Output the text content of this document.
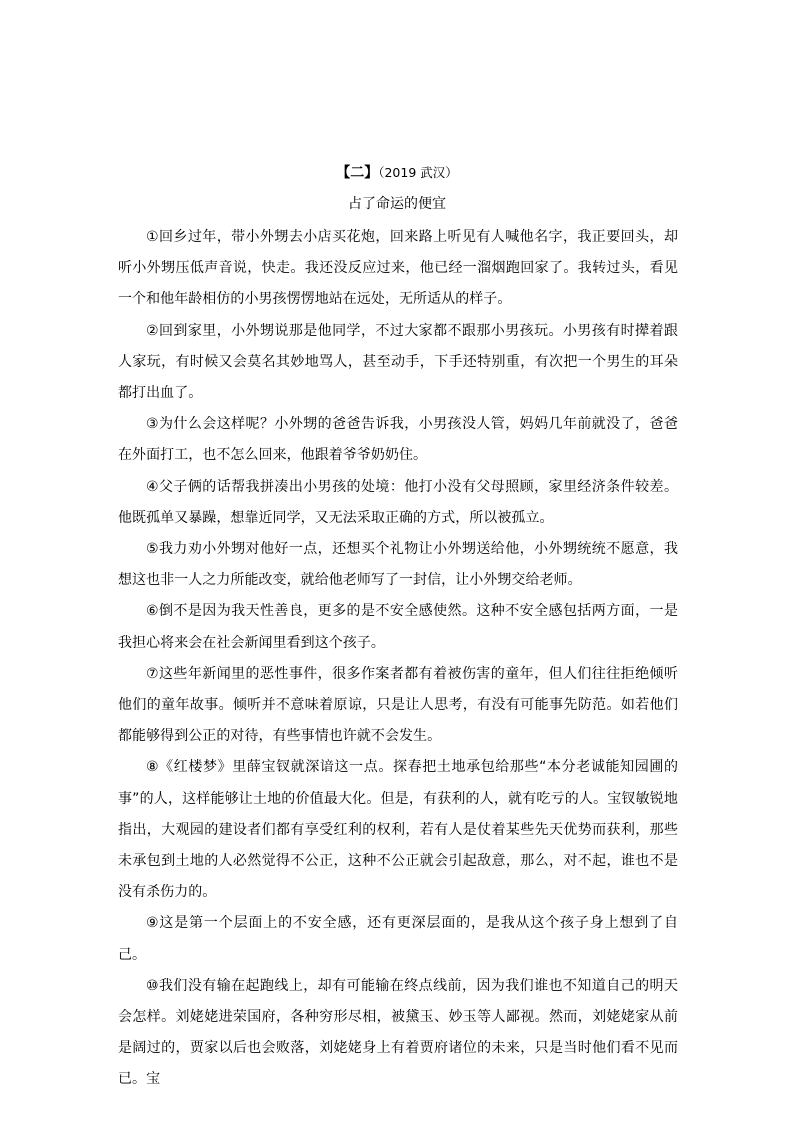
【二】（2019 武汉）
占了命运的便宜

①回乡过年，带小外甥去小店买花炮，回来路上听见有人喊他名字，我正要回头，却听小外甥压低声音说，快走。我还没反应过来，他已经一溜烟跑回家了。我转过头，看见一个和他年龄相仿的小男孩愣愣地站在远处，无所适从的样子。

②回到家里，小外甥说那是他同学，不过大家都不跟那小男孩玩。小男孩有时撵着跟人家玩，有时候又会莫名其妙地骂人，甚至动手，下手还特别重，有次把一个男生的耳朵都打出血了。

③为什么会这样呢？小外甥的爸爸告诉我，小男孩没人管，妈妈几年前就没了，爸爸在外面打工，也不怎么回来，他跟着爷爷奶奶住。

④父子俩的话帮我拼凑出小男孩的处境：他打小没有父母照顾，家里经济条件较差。他既孤单又暴躁，想靠近同学，又无法采取正确的方式，所以被孤立。

⑤我力劝小外甥对他好一点，还想买个礼物让小外甥送给他，小外甥统统不愿意，我想这也非一人之力所能改变，就给他老师写了一封信，让小外甥交给老师。

⑥倒不是因为我天性善良，更多的是不安全感使然。这种不安全感包括两方面，一是我担心将来会在社会新闻里看到这个孩子。

⑦这些年新闻里的恶性事件，很多作案者都有着被伤害的童年，但人们往往拒绝倾听他们的童年故事。倾听并不意味着原谅，只是让人思考，有没有可能事先防范。如若他们都能够得到公正的对待，有些事情也许就不会发生。

⑧《红楼梦》里薛宝钗就深谙这一点。探春把土地承包给那些“本分老诚能知园圃的事”的人，这样能够让土地的价值最大化。但是，有获利的人，就有吃亏的人。宝钗敏锐地指出，大观园的建设者们都有享受红利的权利，若有人是仗着某些先天优势而获利，那些未承包到土地的人必然觉得不公正，这种不公正就会引起敌意，那么，对不起，谁也不是没有杀伤力的。

⑨这是第一个层面上的不安全感，还有更深层面的，是我从这个孩子身上想到了自己。

⑩我们没有输在起跑线上，却有可能输在终点线前，因为我们谁也不知道自己的明天会怎样。刘姥姥进荣国府，各种穷形尽相，被黛玉、妙玉等人鄙视。然而，刘姥姥家从前是阔过的，贾家以后也会败落，刘姥姥身上有着贾府诸位的未来，只是当时他们看不见而已。宝
